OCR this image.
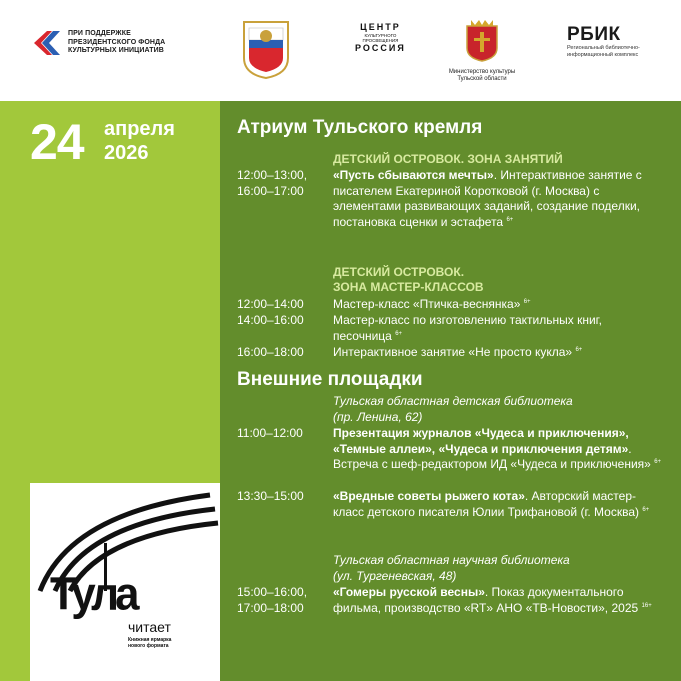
ПРИ ПОДДЕРЖКЕ
ПРЕЗИДЕНТСКОГО ФОНДА
КУЛЬТУРНЫХ ИНИЦИАТИВ
ЦЕНТР
КУЛЬТУРНОГО
ПРОСВЕЩЕНИЯ
РОССИЯ
Министерство культуры
Тульской области
РБИК
Региональный библиотечно-
информационный комплекс
24 апреля
2026
Тула
читает
Книжная ярмарка
нового формата
Атриум Тульского кремля
ДЕТСКИЙ ОСТРОВОК. ЗОНА ЗАНЯТИЙ
12:00–13:00,
16:00–17:00
«Пусть сбываются мечты». Интерактивное занятие с писателем Екатериной Коротковой (г. Москва) с элементами развивающих заданий, создание поделки, постановка сценки и эстафета $^{6+}$
ДЕТСКИЙ ОСТРОВОК.
ЗОНА МАСТЕР-КЛАССОВ
12:00–14:00 Мастер-класс «Птичка-веснянка» $^{6+}$
14:00–16:00 Мастер-класс по изготовлению тактильных книг, песочница $^{6+}$
16:00–18:00 Интерактивное занятие «Не просто кукла» $^{6+}$
Внешние площадки
Тульская областная детская библиотека
(пр. Ленина, 62)
11:00–12:00	Презентация журналов «Чудеса и приключения», «Темные аллеи», «Чудеса и приключения детям». Встреча с шеф-редактором ИД «Чудеса и приключения» $^{6+}$
13:30–15:00 «Вредные советы рыжего кота». Авторский мастер-класс детского писателя Юлии Трифановой (г. Москва) $^{6+}$
Тульская областная научная библиотека
(ул. Тургеневская, 48)
15:00–16:00,
17:00–18:00
«Гомеры русской весны». Показ документального фильма, производство «RT» АНО «ТВ-Новости», 2025 $^{16+}$
